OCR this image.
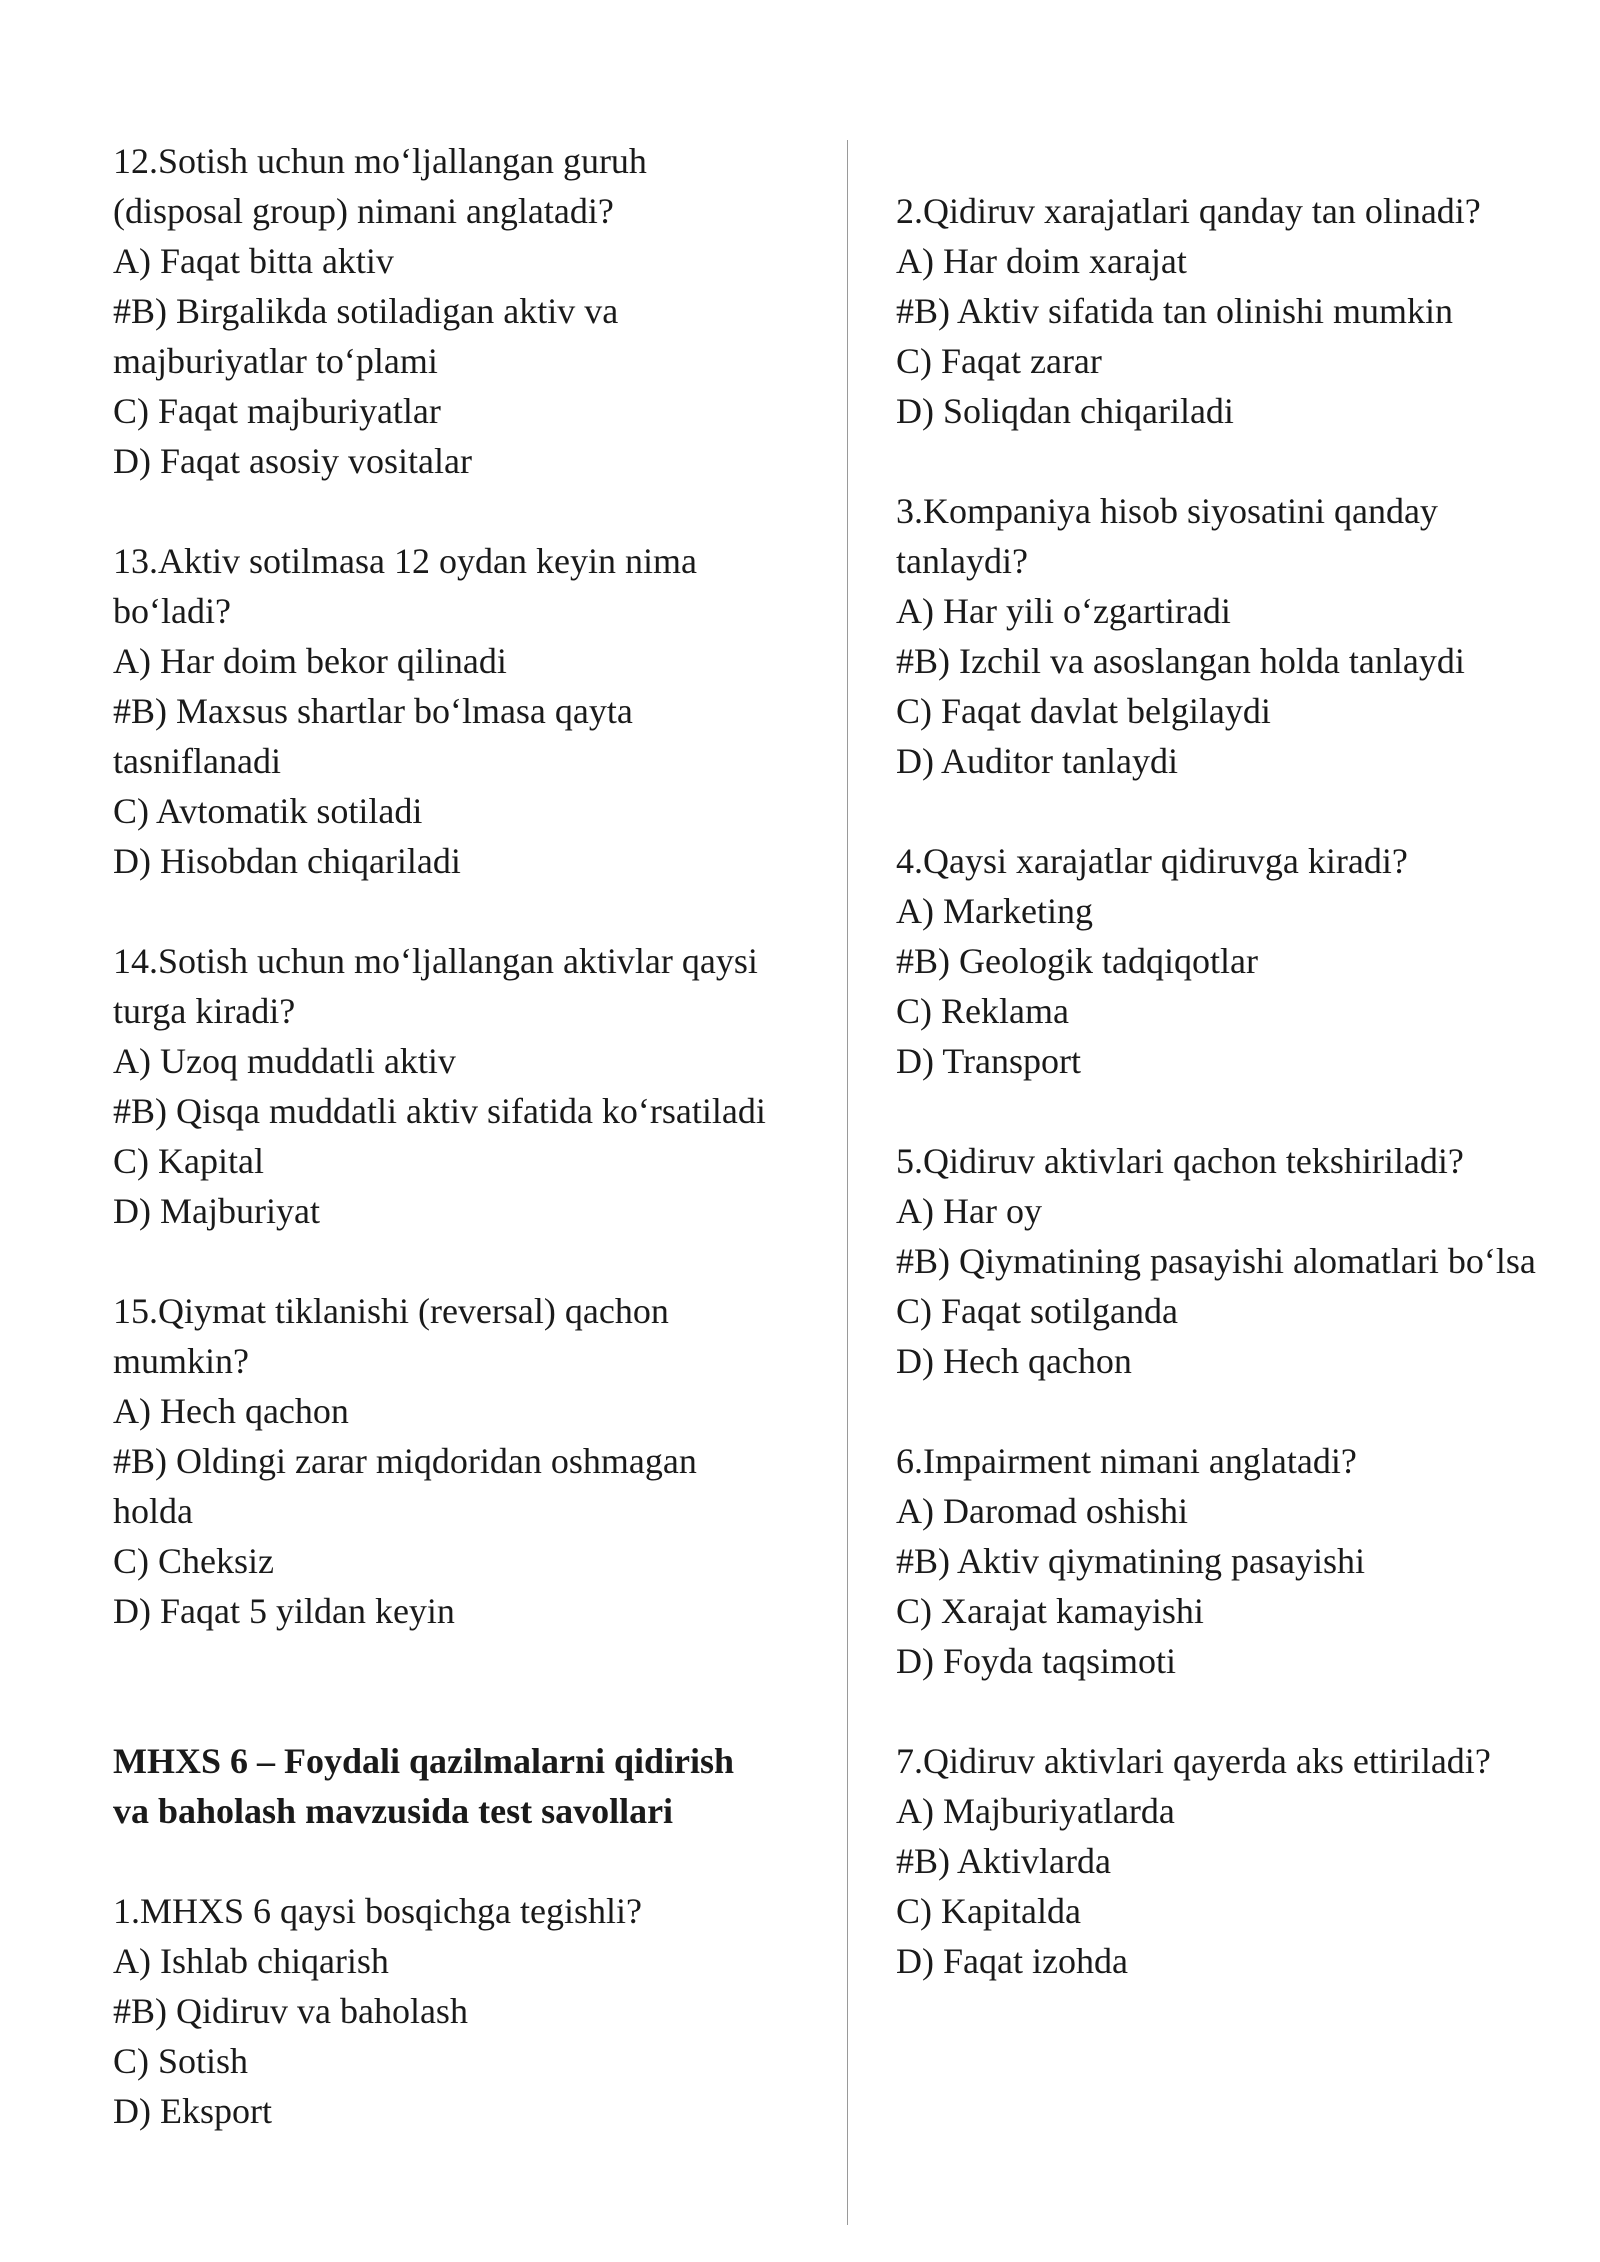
12.Sotish uchun mo‘ljallangan guruh
(disposal group) nimani anglatadi?
A) Faqat bitta aktiv
#B) Birgalikda sotiladigan aktiv va
majburiyatlar to‘plami
C) Faqat majburiyatlar
D) Faqat asosiy vositalar
13.Aktiv sotilmasa 12 oydan keyin nima
bo‘ladi?
A) Har doim bekor qilinadi
#B) Maxsus shartlar bo‘lmasa qayta
tasniflanadi
C) Avtomatik sotiladi
D) Hisobdan chiqariladi
14.Sotish uchun mo‘ljallangan aktivlar qaysi
turga kiradi?
A) Uzoq muddatli aktiv
#B) Qisqa muddatli aktiv sifatida ko‘rsatiladi
C) Kapital
D) Majburiyat
15.Qiymat tiklanishi (reversal) qachon
mumkin?
A) Hech qachon
#B) Oldingi zarar miqdoridan oshmagan
holda
C) Cheksiz
D) Faqat 5 yildan keyin
MHXS 6 – Foydali qazilmalarni qidirish
va baholash mavzusida test savollari
1.MHXS 6 qaysi bosqichga tegishli?
A) Ishlab chiqarish
#B) Qidiruv va baholash
C) Sotish
D) Eksport
2.Qidiruv xarajatlari qanday tan olinadi?
A) Har doim xarajat
#B) Aktiv sifatida tan olinishi mumkin
C) Faqat zarar
D) Soliqdan chiqariladi
3.Kompaniya hisob siyosatini qanday
tanlaydi?
A) Har yili o‘zgartiradi
#B) Izchil va asoslangan holda tanlaydi
C) Faqat davlat belgilaydi
D) Auditor tanlaydi
4.Qaysi xarajatlar qidiruvga kiradi?
A) Marketing
#B) Geologik tadqiqotlar
C) Reklama
D) Transport
5.Qidiruv aktivlari qachon tekshiriladi?
A) Har oy
#B) Qiymatining pasayishi alomatlari bo‘lsa
C) Faqat sotilganda
D) Hech qachon
6.Impairment nimani anglatadi?
A) Daromad oshishi
#B) Aktiv qiymatining pasayishi
C) Xarajat kamayishi
D) Foyda taqsimoti
7.Qidiruv aktivlari qayerda aks ettiriladi?
A) Majburiyatlarda
#B) Aktivlarda
C) Kapitalda
D) Faqat izohda
